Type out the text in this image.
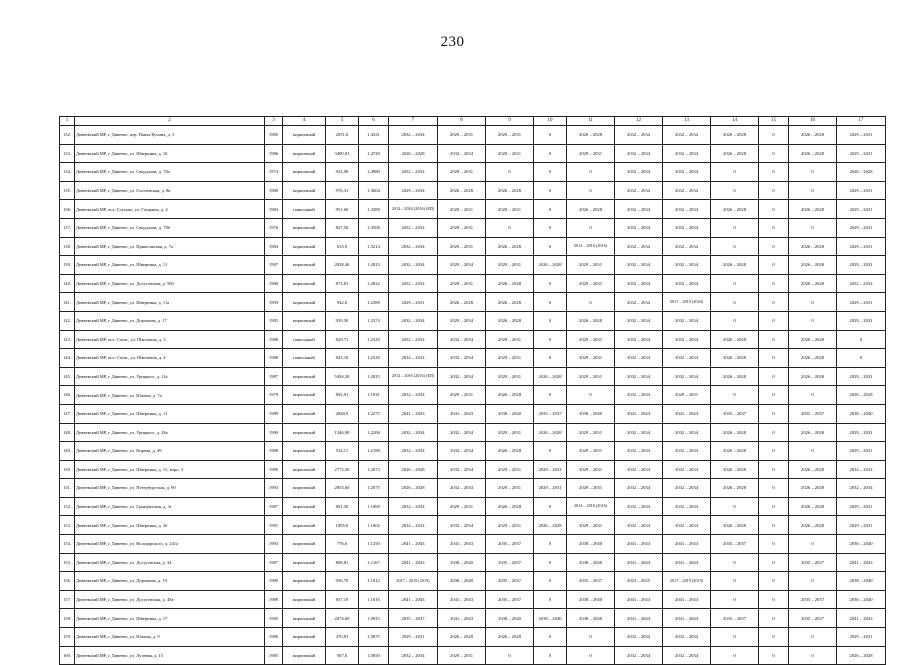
230
1	2	3	4	5	6	7	8	9	10	11	12	13	14	15	16	17
132.	Дивеевский МР, г. Дивеево, пер. Павла Кучина, д. 3	1985	кирпичный	2051,0	1.4331	2032 – 2034	2029 – 2031	2029 – 2031	0	2026 – 2028	2032 – 2034	2032 – 2034	2026 – 2028	0	2026 – 2028	2029 – 2031
133.	Дивеевский МР, г. Дивеево, ул. Шверника, д. 10	1986	кирпичный	3490,01	1.4720	2026 – 2028	2032 – 2034	2029 – 2031	0	2029 – 2031	2032 – 2034	2032 – 2034	2026 – 2028	0	2026 – 2028	2029 – 2031
134.	Дивеевский МР, г. Дивеево, ул. Свердлова, д. 78а	1974	кирпичный	923,90	1.4980	2032 – 2034	2029 – 2031	0	0	0	2032 – 2034	2032 – 2034	0	0	0	2026 – 2028
135.	Дивеевский МР, г. Дивеево, ул. Гоголевская, д. 8в	1980	кирпичный	976,31	1.3604	2029 – 2034	2026 – 2028	2026 – 2028	0	0	2032 – 2034	2032 – 2034	0	0	0	2029 – 2031
136.	Дивеевский МР, пос. Глухово, ул. Гагарина, д. 4	1984	панельный	951,60	1.3389	2014 – 2016 (2016) (БП)	2029 – 2031	2029 – 2031	0	2026 – 2028	2032 – 2034	2032 – 2034	2026 – 2028	0	2026 – 2028	2029 – 2031
137.	Дивеевский МР, г. Дивеево, ул. Свердлова, д. 78б	1976	кирпичный	827,50	1.3508	2032 – 2034	2029 – 2031	0	0	0	2032 – 2034	2032 – 2034	0	0	0	2029 – 2031
138.	Дивеевский МР, г. Дивеево, ул. Приволжская, д. 7а	1984	кирпичный	633,9	1.3214	2032 – 2034	2029 – 2031	2026 – 2028	0	2014 – 2016 (2016)	2032 – 2034	2032 – 2034	0	0	2026 – 2028	2029 – 2031
139.	Дивеевский МР, г. Дивеево, ул. Шверника, д. 11	1997	кирпичный	2828,46	1.2823	2032 – 2034	2029 – 2034	2029 – 2031	2026 – 2028	2029 – 2031	2032 – 2034	2032 – 2034	2026 – 2028	0	2026 – 2028	2029 – 2031
140.	Дивеевский МР, г. Дивеево, ул. Досуговская, д. 50б	1980	кирпичный	873,81	1.2822	2032 – 2034	2029 – 2031	2026 – 2028	0	2029 – 2031	2032 – 2034	2032 – 2034	0	0	2026 – 2028	2032 – 2034
141.	Дивеевский МР, г. Дивеево, ул. Шверника, д. 11а	1993	кирпичный	942,0	1.2389	2029 – 2031	2026 – 2028	2026 – 2028	0	0	2032 – 2034	2017 – 2019 (2020)	0	0	0	2029 – 2031
142.	Дивеевский МР, г. Дивеево, ул. Дорожная, д. 17	1985	кирпичный	939,30	1.2374	2032 – 2034	2029 – 2034	2026 – 2028	0	2026 – 2028	2032 – 2034	2032 – 2034	0	0	0	2029 – 2031
143.	Дивеевский МР, пос. Сатис, ул. Школьная, д. 3	1988	панельный	829,71	1.2329	2032 – 2034	2032 – 2034	2029 – 2031	0	2029 – 2031	2032 – 2034	2032 – 2034	2026 – 2028	0	2026 – 2028	0
144.	Дивеевский МР, пос. Сатис, ул. Школьная, д. 4	1988	панельный	843,16	1.2329	2032 – 2034	2032 – 2034	2029 – 2031	0	2029 – 2031	2032 – 2034	2032 – 2034	2026 – 2028	0	2026 – 2028	0
145.	Дивеевский МР, г. Дивеево, ул. Урицкого, д. 11а	1987	кирпичный	5494,30	1.2025	2014 – 2016 (2016) (БП)	2032 – 2034	2029 – 2031	2026 – 2028	2029 – 2031	2032 – 2034	2032 – 2034	2026 – 2028	0	2026 – 2028	2029 – 2031
146.	Дивеевский МР, г. Дивеево, ул. Южная, д. 7а	1979	кирпичный	692,91	1.1931	2032 – 2034	2029 – 2031	2026 – 2028	0	0	2032 – 2034	2029 – 2031	0	0	0	2026 – 2028
147.	Дивеевский МР, г. Дивеево, ул. Шверника, д. 13	1989	кирпичный	2840,0	1.2275	2041 – 2043	2041 – 2043	2038 – 2040	2035 – 2037	2038 – 2040	2041 – 2043	2041 – 2043	2035 – 2037	0	2035 – 2037	2038 – 2040
148.	Дивеевский МР, г. Дивеево, ул. Урицкого, д. 38а	1990	кирпичный	1346,90	1.2206	2032 – 2034	2032 – 2034	2029 – 2031	2026 – 2028	2029 – 2031	2032 – 2034	2032 – 2034	2026 – 2028	0	2026 – 2028	2029 – 2031
149.	Дивеевский МР, г. Дивеево, ул. Кирова, д. 49	1988	кирпичный	534,11	1.2188	2032 – 2034	2032 – 2034	2026 – 2028	0	2029 – 2031	2032 – 2034	2032 – 2034	2026 – 2028	0	0	2029 – 2031
150.	Дивеевский МР, г. Дивеево, ул. Шверника, д. 15, корп. 3	1990	кирпичный	2772,30	1.2073	2026 – 2028	2032 – 2034	2029 – 2031	2029 – 2031	2029 – 2031	2032 – 2034	2032 – 2034	2026 – 2028	0	2026 – 2028	2032 – 2034
151.	Дивеевский МР, г. Дивеево, ул. Петербургская, д. 90	1993	кирпичный	2853,60	1.2075	2026 – 2028	2032 – 2034	2029 – 2031	2029 – 2031	2029 – 2031	2032 – 2034	2032 – 2034	2026 – 2028	0	2026 – 2028	2032 – 2034
152.	Дивеевский МР, г. Дивеево, ул. Гражданская, д. 3г	1987	кирпичный	691,30	1.1869	2032 – 2034	2029 – 2031	2026 – 2028	0	2014 – 2016 (2016)	2032 – 2034	2032 – 2034	0	0	2026 – 2028	2029 – 2031
153.	Дивеевский МР, г. Дивеево, ул. Шверника, д. 2б	1991	кирпичный	1895,6	1.1602	2032 – 2034	2032 – 2034	2029 – 2031	2026 – 2028	2029 – 2031	2032 – 2034	2032 – 2034	2026 – 2028	0	2026 – 2028	2029 – 2031
154.	Дивеевский МР, г. Дивеево, ул. Володарского, д. 241а	1993	кирпичный	776,6	1.1250	2041 – 2043	2041 – 2043	2035 – 2037	0	2038 – 2040	2041 – 2043	2041 – 2043	2035 – 2037	0	0	2038 – 2040
155.	Дивеевский МР, г. Дивеево, ул. Досуговская, д. 34	1987	кирпичный	868,81	1.1167	2041 – 2043	2038 – 2040	2035 – 2037	0	2038 – 2040	2041 – 2043	2041 – 2043	0	0	2035 – 2037	2041 – 2043
156.	Дивеевский МР, г. Дивеево, ул. Дорожная, д. 19	1989	кирпичный	956,70	1.1012	2017 – 2019 (2019)	2038 – 2040	2035 – 2037	0	2035 – 2037	2023 – 2025	2017 – 2019 (2019)	0	0	0	2038 – 2040
157.	Дивеевский МР, г. Дивеево, ул. Досуговская, д. 48а	1989	кирпичный	857,10	1.1016	2041 – 2043	2041 – 2043	2035 – 2037	0	2038 – 2040	2041 – 2043	2041 – 2043	0	0	2035 – 2037	2038 – 2040
158.	Дивеевский МР, г. Дивеево, ул. Шверника, д. 17	1995	кирпичный	2074,60	1.0925	2035 – 2037	2041 – 2043	2038 – 2040	2038 – 2040	2038 – 2040	2041 – 2043	2041 – 2043	2035 – 2037	0	2035 – 2037	2041 – 2043
159.	Дивеевский МР, г. Дивеево, ул. Южная, д. 9	1986	кирпичный	470,81	1.0875	2029 – 2031	2026 – 2028	2026 – 2028	0	0	2032 – 2034	2032 – 2034	0	0	0	2029 – 2031
160.	Дивеевский МР, г. Дивеево, ул. Лучевая, д. 15	1985	кирпичный	567,0	1.0850	2032 – 2034	2029 – 2031	0	0	0	2032 – 2034	2032 – 2034	0	0	0	2026 – 2028
